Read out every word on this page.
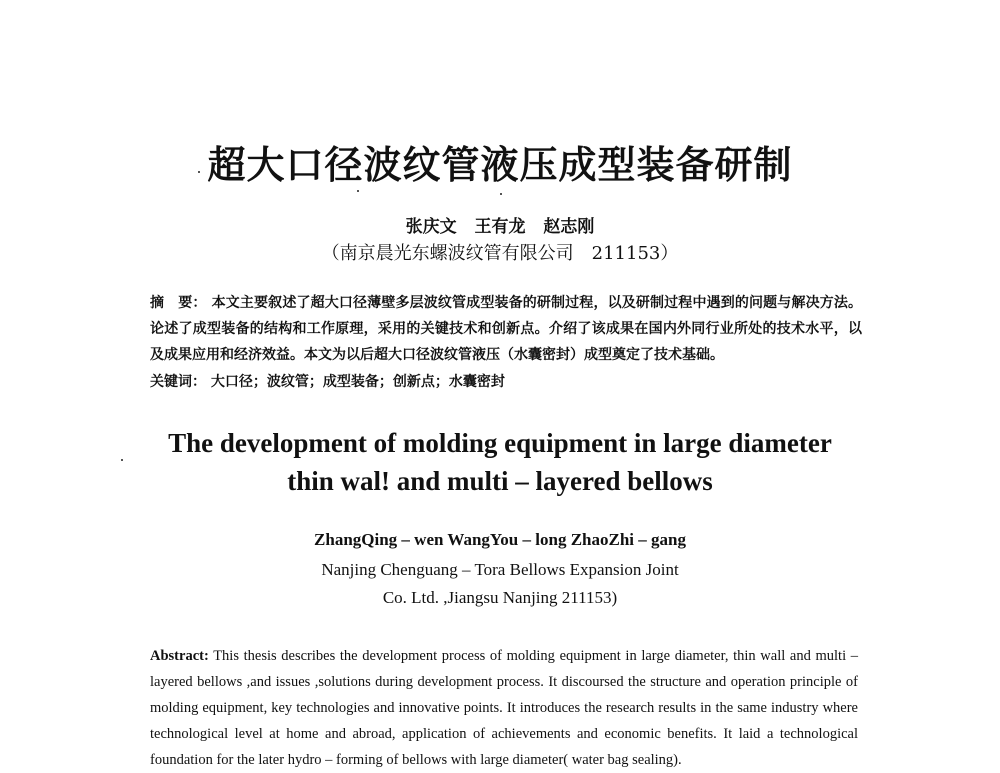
超大口径波纹管液压成型装备研制
张庆文 王有龙 赵志刚
（南京晨光东螺波纹管有限公司　211153）
摘　要： 本文主要叙述了超大口径薄壁多层波纹管成型装备的研制过程，以及研制过程中遇到的问题与解决方法。论述了成型装备的结构和工作原理，采用的关键技术和创新点。介绍了该成果在国内外同行业所处的技术水平，以及成果应用和经济效益。本文为以后超大口径波纹管液压（水囊密封）成型奠定了技术基础。
关键词： 大口径；波纹管；成型装备；创新点；水囊密封
The development of molding equipment in large diameter
thin wal! and multi – layered bellows
ZhangQing – wen WangYou – long ZhaoZhi – gang
Nanjing Chenguang – Tora Bellows Expansion Joint
Co. Ltd. ,Jiangsu Nanjing 211153)
Abstract: This thesis describes the development process of molding equipment in large diameter, thin wall and multi – layered bellows ,and issues ,solutions during development process. It discoursed the structure and operation principle of molding equipment, key technologies and innovative points. It introduces the research results in the same industry where technological level at home and abroad, application of achievements and economic benefits. It laid a technological foundation for the later hydro – forming of bellows with large diameter( water bag sealing).
